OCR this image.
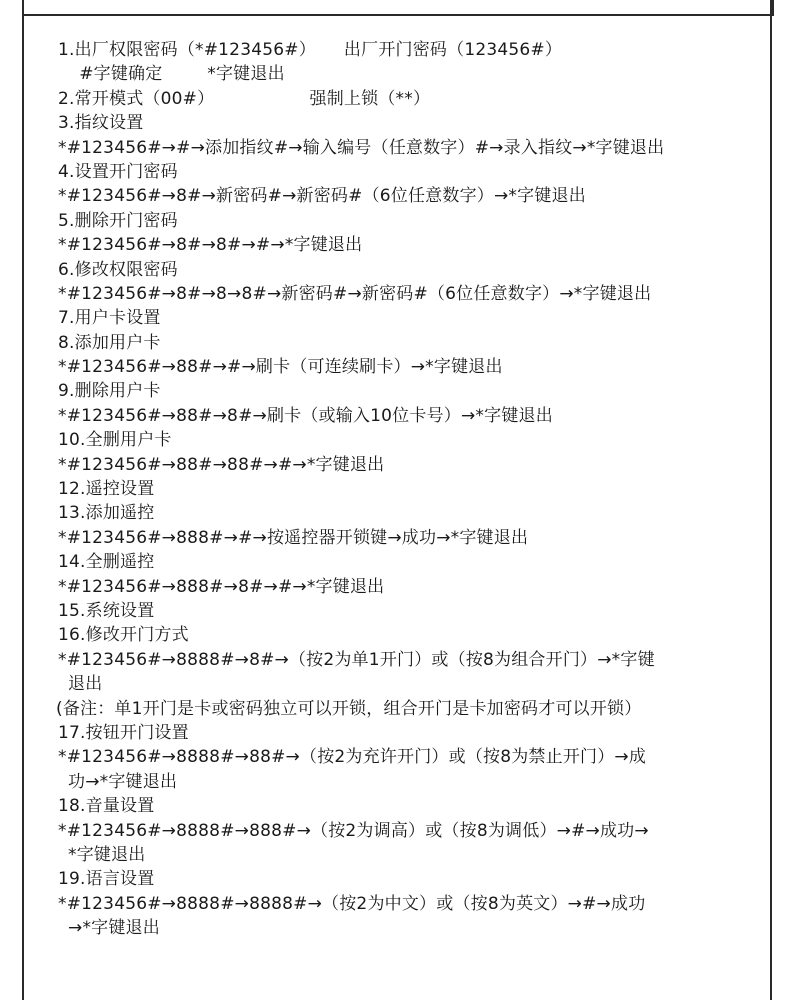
1.出厂权限密码（*#123456#）     出厂开门密码（123456#）
#字键确定        *字键退出
2.常开模式（00#）                 强制上锁（**）
3.指纹设置
*#123456#→#→添加指纹#→输入编号（任意数字）#→录入指纹→*字键退出
4.设置开门密码
*#123456#→8#→新密码#→新密码#（6位任意数字）→*字键退出
5.删除开门密码
*#123456#→8#→8#→#→*字键退出
6.修改权限密码
*#123456#→8#→8→8#→新密码#→新密码#（6位任意数字）→*字键退出
7.用户卡设置
8.添加用户卡
*#123456#→88#→#→刷卡（可连续刷卡）→*字键退出
9.删除用户卡
*#123456#→88#→8#→刷卡（或输入10位卡号）→*字键退出
10.全删用户卡
*#123456#→88#→88#→#→*字键退出
12.遥控设置
13.添加遥控
*#123456#→888#→#→按遥控器开锁键→成功→*字键退出
14.全删遥控
*#123456#→888#→8#→#→*字键退出
15.系统设置
16.修改开门方式
*#123456#→8888#→8#→（按2为单1开门）或（按8为组合开门）→*字键
退出
(备注：单1开门是卡或密码独立可以开锁，组合开门是卡加密码才可以开锁）
17.按钮开门设置
*#123456#→8888#→88#→（按2为充许开门）或（按8为禁止开门）→成
功→*字键退出
18.音量设置
*#123456#→8888#→888#→（按2为调高）或（按8为调低）→#→成功→
*字键退出
19.语言设置
*#123456#→8888#→8888#→（按2为中文）或（按8为英文）→#→成功
→*字键退出
